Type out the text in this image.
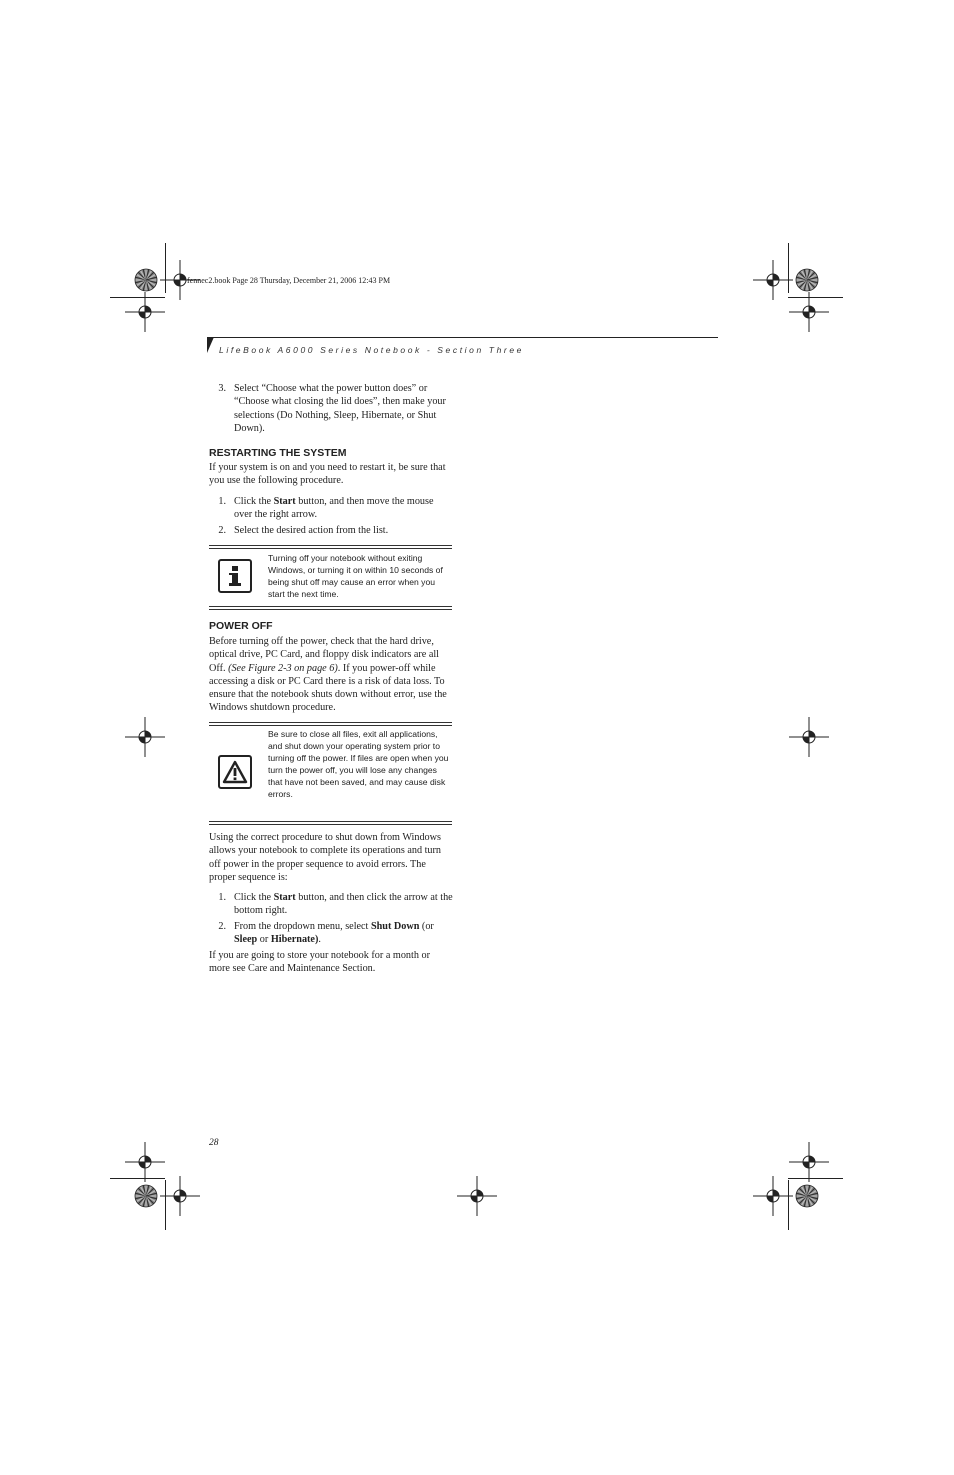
fennec2.book Page 28 Thursday, December 21, 2006 12:43 PM
LifeBook A6000 Series Notebook - Section Three
3. Select “Choose what the power button does” or “Choose what closing the lid does”, then make your selections (Do Nothing, Sleep, Hibernate, or Shut Down).
RESTARTING THE SYSTEM

If your system is on and you need to restart it, be sure that you use the following procedure.

1. Click the Start button, and then move the mouse over the right arrow.
2. Select the desired action from the list.
Turning off your notebook without exiting Windows, or turning it on within 10 seconds of being shut off may cause an error when you start the next time.
POWER OFF

Before turning off the power, check that the hard drive, optical drive, PC Card, and floppy disk indicators are all Off. (See Figure 2-3 on page 6). If you power-off while accessing a disk or PC Card there is a risk of data loss. To ensure that the notebook shuts down without error, use the Windows shutdown procedure.

Be sure to close all files, exit all applications, and shut down your operating system prior to turning off the power. If files are open when you turn the power off, you will lose any changes that have not been saved, and may cause disk errors.

Using the correct procedure to shut down from Windows allows your notebook to complete its operations and turn off power in the proper sequence to avoid errors. The proper sequence is:

1. Click the Start button, and then click the arrow at the bottom right.
2. From the dropdown menu, select Shut Down (or Sleep or Hibernate).

If you are going to store your notebook for a month or more see Care and Maintenance Section.

28
